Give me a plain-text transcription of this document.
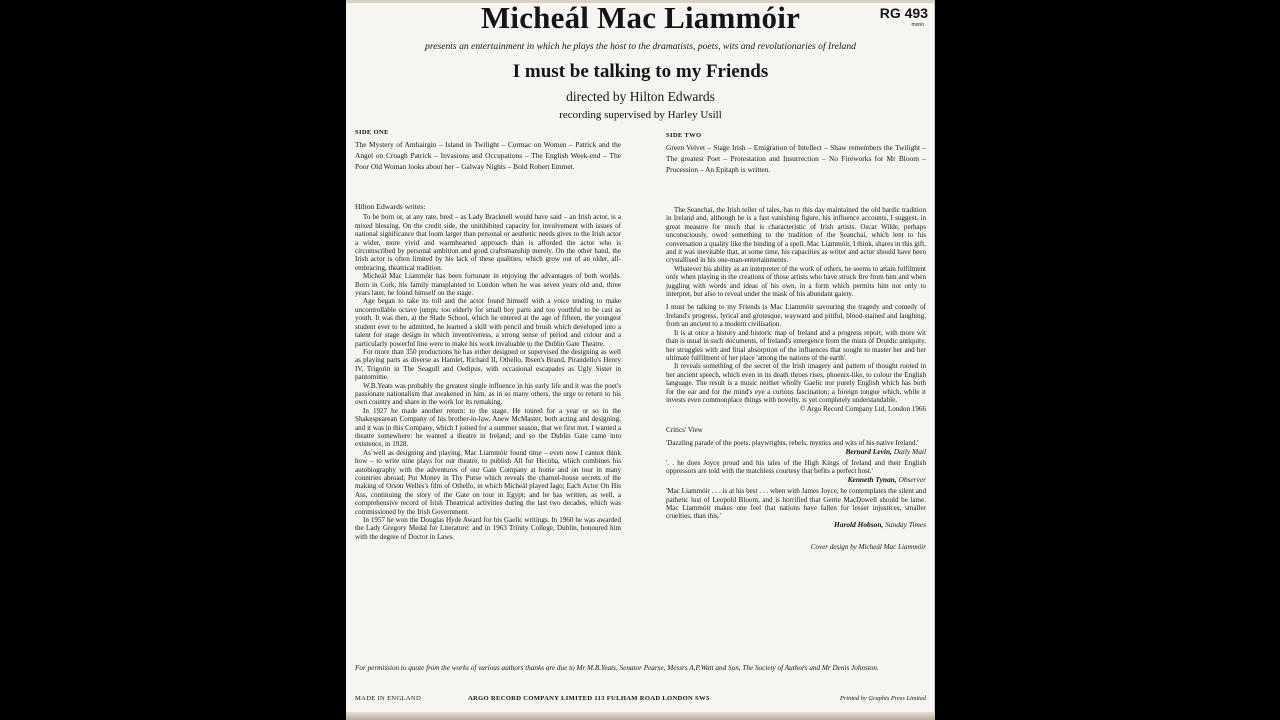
Micheál Mac Liammóir	RG 493
mono
presents an entertainment in which he plays the host to the dramatists, poets, wits and revolutionaries of Ireland
I must be talking to my Friends
directed by Hilton Edwards
recording supervised by Harley Usill
SIDE ONE

The Mystery of Amhairgin – Island in Twilight – Cormac on Women – Patrick and the Angel on Croagh Patrick – Invasions and Occupations – The English Week-end – The Poor Old Woman looks about her – Galway Nights – Bold Robert Emmet.

Hilton Edwards writes:

To be born or, at any rate, bred – as Lady Bracknell would have said – an Irish actor, is a mixed blessing. On the credit side, the uninhibited capacity for involvement with issues of national significance that loom larger than personal or aesthetic needs gives to the Irish actor a wider, more vivid and warmhearted approach than is afforded the actor who is circumscribed by personal ambition and good craftsmanship merely. On the other hand, the Irish actor is often limited by his lack of these qualities, which grow out of an older, all-embracing, theatrical tradition.

Micheál Mac Liammóir has been fortunate in enjoying the advantages of both worlds. Born in Cork, his family transplanted to London when he was seven years old and, three years later, he found himself on the stage.

Age began to take its toll and the actor found himself with a voice tending to make uncontrollable octave jumps: too elderly for small boy parts and too youthful to be cast as youth. It was then, at the Slade School, which he entered at the age of fifteen, the youngest student ever to be admitted, he learned a skill with pencil and brush which developed into a talent for stage design in which inventiveness, a strong sense of period and colour and a particularly powerful line were to make his work invaluable to the Dublin Gate Theatre.

For more than 350 productions he has either designed or supervised the designing as well as playing parts as diverse as Hamlet, Richard II, Othello, Ibsen's Brand, Pirandello's Henry IV, Trigorin in The Seagull and Oedipus, with occasional escapades as Ugly Sister in pantomime.

W.B.Yeats was probably the greatest single influence in his early life and it was the poet's passionate nationalism that awakened in him, as in so many others, the urge to return to his own country and share in the work for its remaking.

In 1927 he made another return: to the stage. He toured for a year or so in the Shakespearean Company of his brother-in-law, Anew McMaster, both acting and designing, and it was in this Company, which I joined for a summer season, that we first met. I wanted a theatre somewhere: he wanted a theatre in Ireland; and so the Dublin Gate came into existence, in 1928.

As well as designing and playing, Mac Liammóir found time – even now I cannot think how – to write nine plays for our theatre, to publish All for Hecuba, which combines his autobiography with the adventures of our Gate Company at home and on tour in many countries abroad; Put Money in Thy Purse which reveals the charnel-house secrets of the making of Orson Welles's film of Othello, in which Micheál played Iago; Each Actor On His Ass, continuing the story of the Gate on tour in Egypt; and he has written, as well, a comprehensive record of Irish Theatrical activities during the last two decades, which was commissioned by the Irish Government.

In 1957 he won the Douglas Hyde Award for his Gaelic writings. In 1960 he was awarded the Lady Gregory Medal for Literature: and in 1963 Trinity College, Dublin, honoured him with the degree of Doctor in Laws.

SIDE TWO

Green Velvet – Stage Irish – Emigration of Intellect – Shaw remembers the Twilight – The greatest Poet – Protestation and Insurrection – No Fireworks for Mr Bloom – Procession – An Epitaph is written.

The Seanchaí, the Irish teller of tales, has to this day maintained the old bardic tradition in Ireland and, although he is a fast vanishing figure, his influence accounts, I suggest, in great measure for much that is characteristic of Irish artists. Oscar Wilde, perhaps unconsciously, owed something to the tradition of the Seanchaí, which lent to his conversation a quality like the binding of a spell. Mac Liammóir, I think, shares in this gift, and it was inevitable that, at some time, his capacities as writer and actor should have been crystallised in his one-man-entertainments.

Whatever his ability as an interpreter of the work of others, he seems to attain fulfilment only when playing in the creations of those artists who have struck fire from him and when juggling with words and ideas of his own, in a form which permits him not only to interpret, but also to reveal under the mask of his abundant gaiety.

I must be talking to my Friends is Mac Liammóir savouring the tragedy and comedy of Ireland's progress, lyrical and grotesque, wayward and pitiful, blood-stained and laughing, from an ancient to a modern civilisation.

It is at once a history and historic map of Ireland and a progress report, with more wit than is usual in such documents, of Ireland's emergence from the mists of Druidic antiquity, her struggles with and final absorption of the influences that sought to master her and her ultimate fulfilment of her place 'among the nations of the earth'.

It reveals something of the secret of the Irish imagery and pattern of thought rooted in her ancient speech, which even in its death throes rises, phoenix-like, to colour the English language. The result is a music neither wholly Gaelic nor purely English which has both for the ear and for the mind's eye a curious fascination; a foreign tongue which, while it invests even commonplace things with novelty, is yet completely understandable.

© Argo Record Company Ltd, London 1966

Critics' View

'Dazzling parade of the poets, playwrights, rebels, mystics and wits of his native Ireland.'

Bernard Levin, Daily Mail

'. . he does Joyce proud and his tales of the High Kings of Ireland and their English oppressors are told with the matchless courtesy that befits a perfect host.'

Kenneth Tynan, Observer

'Mac Liammóir . . . is at his best . . . when with James Joyce, he contemplates the silent and pathetic lust of Leopold Bloom, and is horrified that Gertie MacDowell should be lame. Mac Liammóir makes one feel that nations have fallen for lesser injustices, smaller cruelties, than this.'

Harold Hobson, Sunday Times

Cover design by Micheál Mac Liammóir

For permission to quote from the works of various authors thanks are due to Mr M.B.Yeats, Senator Pearse, Messrs A.P.Watt and Son, The Society of Authors and Mr Denis Johnston.
MADE IN ENGLAND	ARGO RECORD COMPANY LIMITED 113 FULHAM ROAD LONDON SW3	Printed by Graphis Press Limited
